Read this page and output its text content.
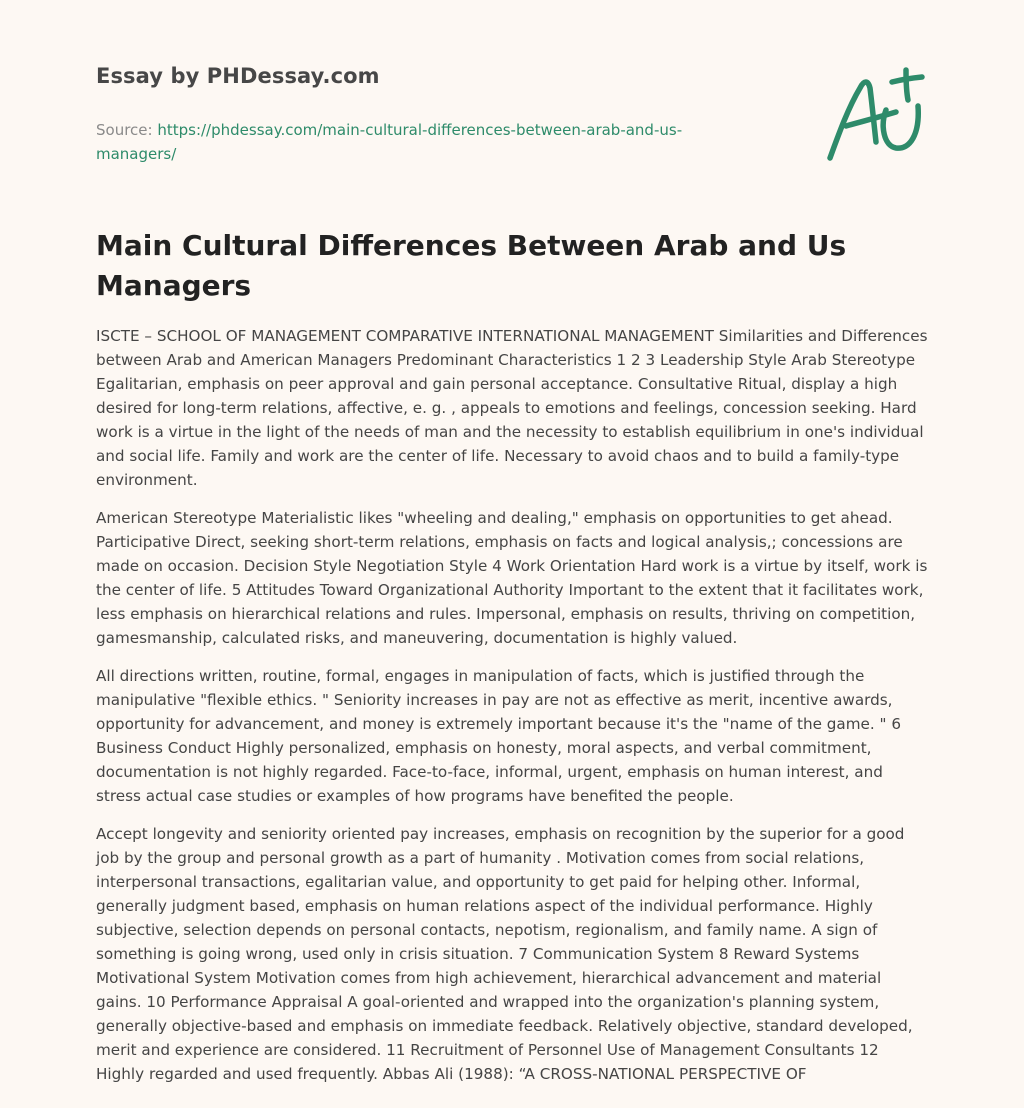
Essay by PHDessay.com
Source: https://phdessay.com/main-cultural-differences-between-arab-and-us-managers/
Main Cultural Differences Between Arab and Us Managers

ISCTE – SCHOOL OF MANAGEMENT COMPARATIVE INTERNATIONAL MANAGEMENT Similarities and Differences between Arab and American Managers Predominant Characteristics 1 2 3 Leadership Style Arab Stereotype Egalitarian, emphasis on peer approval and gain personal acceptance. Consultative Ritual, display a high desired for long-term relations, affective, e. g. , appeals to emotions and feelings, concession seeking. Hard work is a virtue in the light of the needs of man and the necessity to establish equilibrium in one's individual and social life. Family and work are the center of life. Necessary to avoid chaos and to build a family-type environment.

American Stereotype Materialistic likes "wheeling and dealing," emphasis on opportunities to get ahead. Participative Direct, seeking short-term relations, emphasis on facts and logical analysis,; concessions are made on occasion. Decision Style Negotiation Style 4 Work Orientation Hard work is a virtue by itself, work is the center of life. 5 Attitudes Toward Organizational Authority Important to the extent that it facilitates work, less emphasis on hierarchical relations and rules. Impersonal, emphasis on results, thriving on competition, gamesmanship, calculated risks, and maneuvering, documentation is highly valued.

All directions written, routine, formal, engages in manipulation of facts, which is justified through the manipulative "flexible ethics. " Seniority increases in pay are not as effective as merit, incentive awards, opportunity for advancement, and money is extremely important because it's the "name of the game. " 6 Business Conduct Highly personalized, emphasis on honesty, moral aspects, and verbal commitment, documentation is not highly regarded. Face-to-face, informal, urgent, emphasis on human interest, and stress actual case studies or examples of how programs have benefited the people.

Accept longevity and seniority oriented pay increases, emphasis on recognition by the superior for a good job by the group and personal growth as a part of humanity . Motivation comes from social relations, interpersonal transactions, egalitarian value, and opportunity to get paid for helping other. Informal, generally judgment based, emphasis on human relations aspect of the individual performance. Highly subjective, selection depends on personal contacts, nepotism, regionalism, and family name. A sign of something is going wrong, used only in crisis situation. 7 Communication System 8 Reward Systems Motivational System Motivation comes from high achievement, hierarchical advancement and material gains. 10 Performance Appraisal A goal-oriented and wrapped into the organization's planning system, generally objective-based and emphasis on immediate feedback. Relatively objective, standard developed, merit and experience are considered. 11 Recruitment of Personnel Use of Management Consultants 12 Highly regarded and used frequently. Abbas Ali (1988): “A CROSS-NATIONAL PERSPECTIVE OF
